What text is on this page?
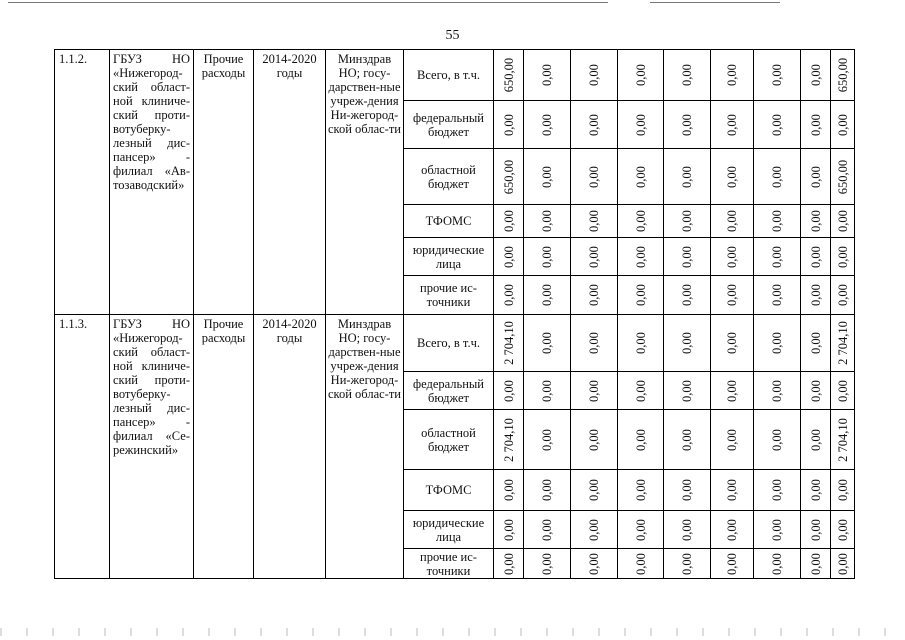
55
1.1.2.	ГБУЗ НО «Нижегород-ский област-ной клиниче-ский проти-вотуберку-лезный дис-пансер» - филиал «Ав-тозаводский»	Прочие расходы	2014-2020 годы	Минздрав НО; госу-дарствен-ные учреж-дения Ни-жегород-ской облас-ти	Всего, в т.ч.	650,00	0,00	0,00	0,00	0,00	0,00	0,00	0,00	650,00

					федеральный бюджет	0,00	0,00	0,00	0,00	0,00	0,00	0,00	0,00	0,00

					областной бюджет	650,00	0,00	0,00	0,00	0,00	0,00	0,00	0,00	650,00

					ТФОМС	0,00	0,00	0,00	0,00	0,00	0,00	0,00	0,00	0,00

					юридические лица	0,00	0,00	0,00	0,00	0,00	0,00	0,00	0,00	0,00

					прочие ис-точники	0,00	0,00	0,00	0,00	0,00	0,00	0,00	0,00	0,00

1.1.3.	ГБУЗ НО «Нижегород-ский област-ной клиниче-ский проти-вотуберку-лезный дис-пансер» - филиал «Се-режинский»	Прочие расходы	2014-2020 годы	Минздрав НО; госу-дарствен-ные учреж-дения Ни-жегород-ской облас-ти	Всего, в т.ч.	2 704,10	0,00	0,00	0,00	0,00	0,00	0,00	0,00	2 704,10

					федеральный бюджет	0,00	0,00	0,00	0,00	0,00	0,00	0,00	0,00	0,00

					областной бюджет	2 704,10	0,00	0,00	0,00	0,00	0,00	0,00	0,00	2 704,10

					ТФОМС	0,00	0,00	0,00	0,00	0,00	0,00	0,00	0,00	0,00

					юридические лица	0,00	0,00	0,00	0,00	0,00	0,00	0,00	0,00	0,00

					прочие ис-точники	0,00	0,00	0,00	0,00	0,00	0,00	0,00	0,00	0,00
